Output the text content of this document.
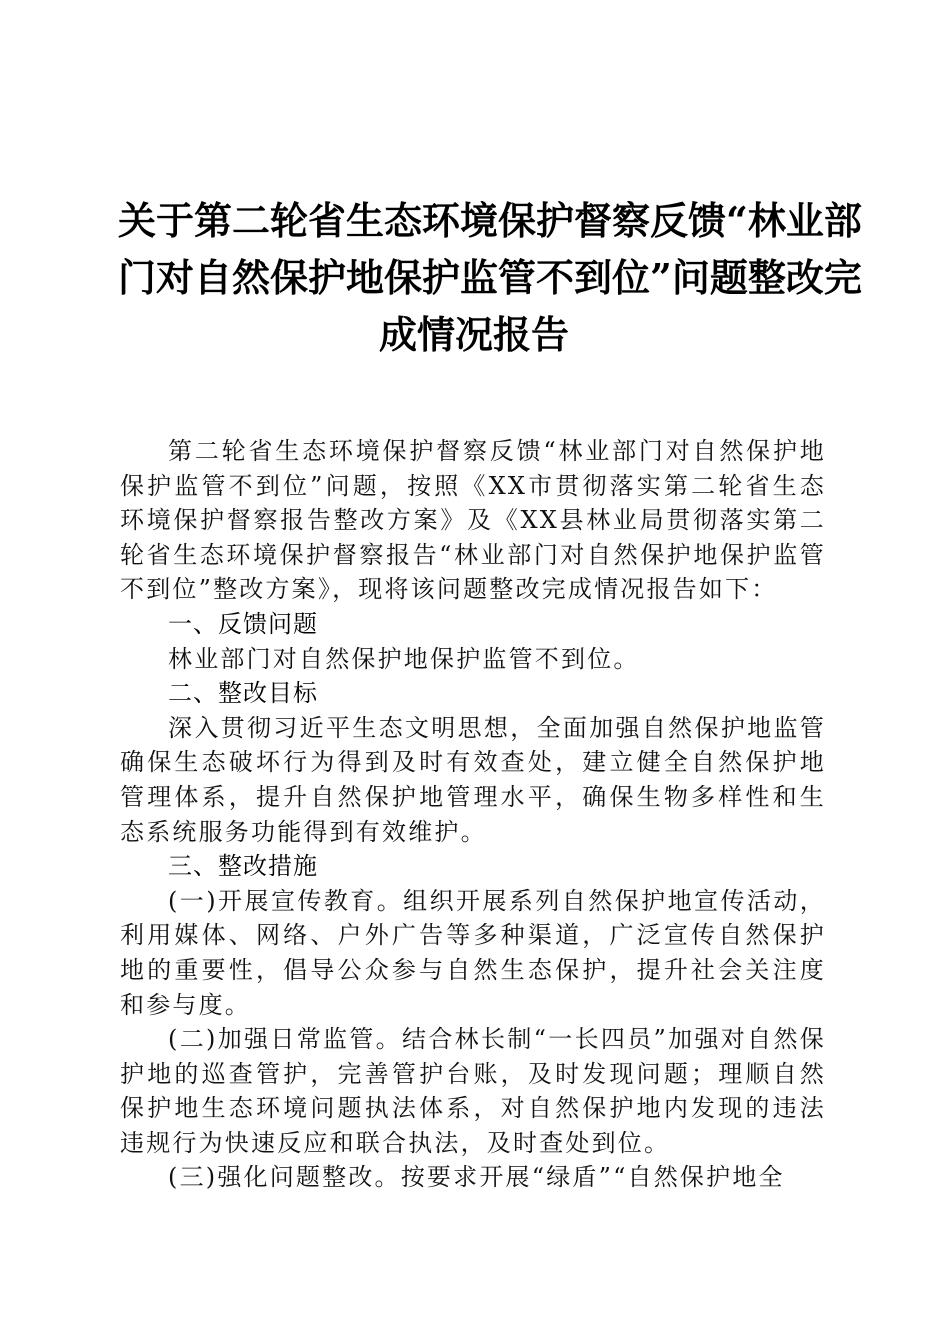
关于第二轮省生态环境保护督察反馈“林业部
门对自然保护地保护监管不到位”问题整改完
成情况报告

第二轮省生态环境保护督察反馈“林业部门对自然保护地保护监管不到位”问题，按照《XX市贯彻落实第二轮省生态环境保护督察报告整改方案》及《XX县林业局贯彻落实第二轮省生态环境保护督察报告“林业部门对自然保护地保护监管不到位”整改方案》，现将该问题整改完成情况报告如下：

一、反馈问题

林业部门对自然保护地保护监管不到位。

二、整改目标

深入贯彻习近平生态文明思想，全面加强自然保护地监管确保生态破坏行为得到及时有效查处，建立健全自然保护地管理体系，提升自然保护地管理水平，确保生物多样性和生态系统服务功能得到有效维护。

三、整改措施

(一)开展宣传教育。组织开展系列自然保护地宣传活动，利用媒体、网络、户外广告等多种渠道，广泛宣传自然保护地的重要性，倡导公众参与自然生态保护，提升社会关注度和参与度。

(二)加强日常监管。结合林长制“一长四员”加强对自然保护地的巡查管护，完善管护台账，及时发现问题；理顺自然保护地生态环境问题执法体系，对自然保护地内发现的违法违规行为快速反应和联合执法，及时查处到位。

(三)强化问题整改。按要求开展“绿盾”“自然保护地全
